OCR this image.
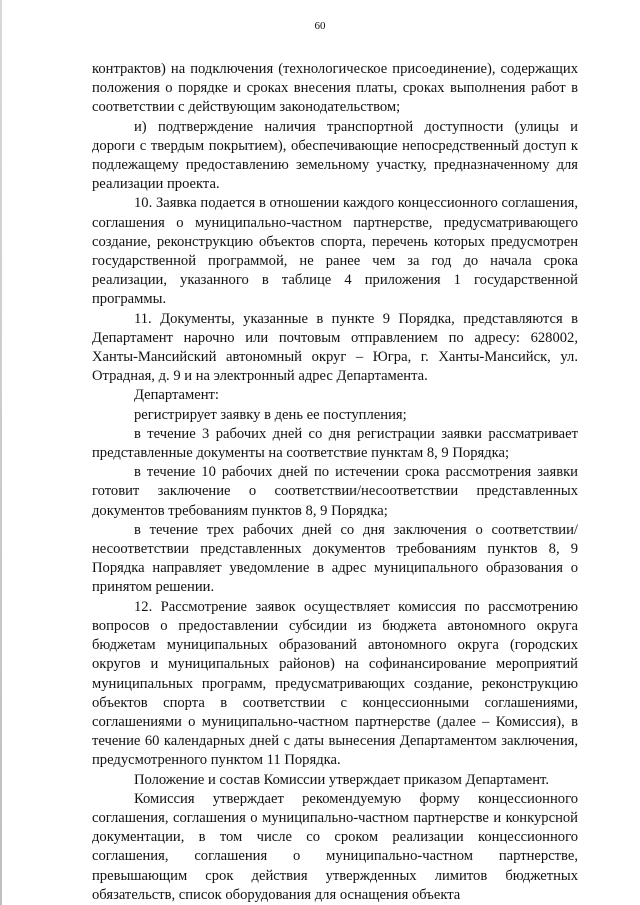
60

контрактов) на подключения (технологическое присоединение), содержащих положения о порядке и сроках внесения платы, сроках выполнения работ в соответствии с действующим законодательством;

и) подтверждение наличия транспортной доступности (улицы и дороги с твердым покрытием), обеспечивающие непосредственный доступ к подлежащему предоставлению земельному участку, предназначенному для реализации проекта.

10. Заявка подается в отношении каждого концессионного соглашения, соглашения о муниципально-частном партнерстве, предусматривающего создание, реконструкцию объектов спорта, перечень которых предусмотрен государственной программой, не ранее чем за год до начала срока реализации, указанного в таблице 4 приложения 1 государственной программы.

11. Документы, указанные в пункте 9 Порядка, представляются в Департамент нарочно или почтовым отправлением по адресу: 628002, Ханты-Мансийский автономный округ – Югра, г. Ханты-Мансийск, ул. Отрадная, д. 9 и на электронный адрес Департамента.

Департамент:

регистрирует заявку в день ее поступления;

в течение 3 рабочих дней со дня регистрации заявки рассматривает представленные документы на соответствие пунктам 8, 9 Порядка;

в течение 10 рабочих дней по истечении срока рассмотрения заявки готовит заключение о соответствии/несоответствии представленных документов требованиям пунктов 8, 9 Порядка;

в течение трех рабочих дней со дня заключения о соответствии/несоответствии представленных документов требованиям пунктов 8, 9 Порядка направляет уведомление в адрес муниципального образования о принятом решении.

12. Рассмотрение заявок осуществляет комиссия по рассмотрению вопросов о предоставлении субсидии из бюджета автономного округа бюджетам муниципальных образований автономного округа (городских округов и муниципальных районов) на софинансирование мероприятий муниципальных программ, предусматривающих создание, реконструкцию объектов спорта в соответствии с концессионными соглашениями, соглашениями о муниципально-частном партнерстве (далее – Комиссия), в течение 60 календарных дней с даты вынесения Департаментом заключения, предусмотренного пунктом 11 Порядка.

Положение и состав Комиссии утверждает приказом Департамент.

Комиссия утверждает рекомендуемую форму концессионного соглашения, соглашения о муниципально-частном партнерстве и конкурсной документации, в том числе со сроком реализации концессионного соглашения, соглашения о муниципально-частном партнерстве, превышающим срок действия утвержденных лимитов бюджетных обязательств, список оборудования для оснащения объекта
